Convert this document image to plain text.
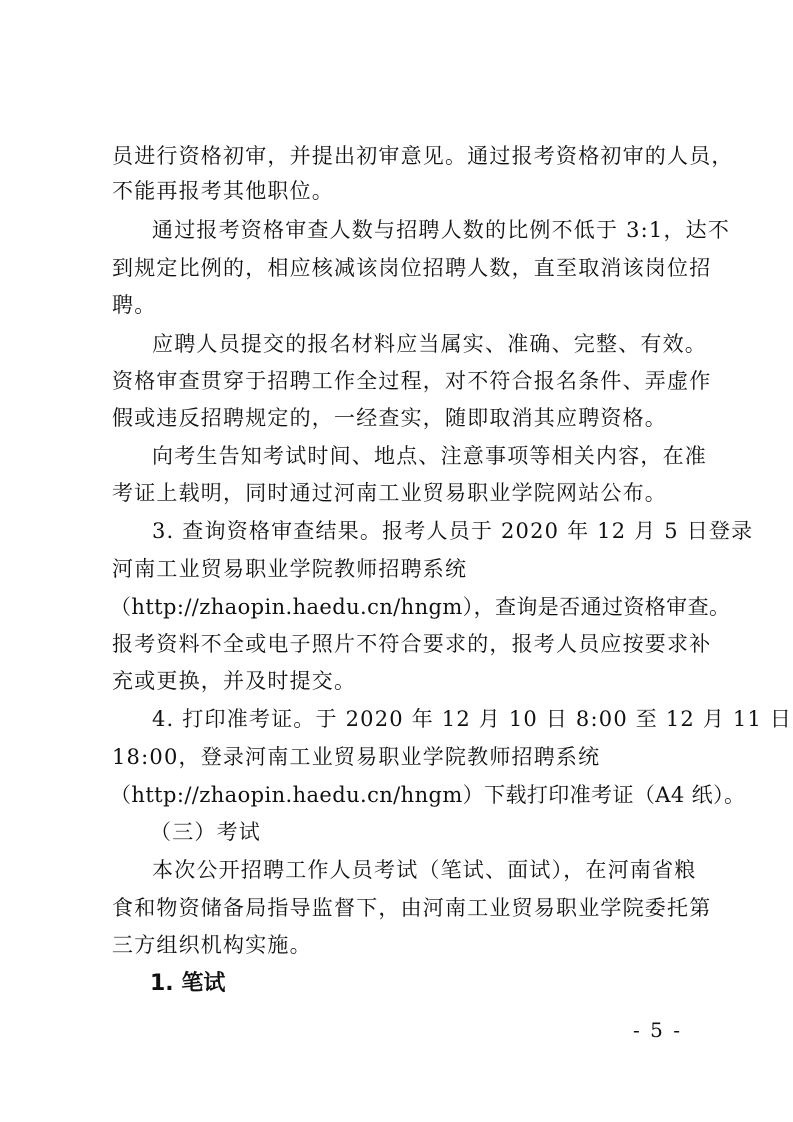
员进行资格初审，并提出初审意见。通过报考资格初审的人员，

不能再报考其他职位。

通过报考资格审查人数与招聘人数的比例不低于 3:1，达不

到规定比例的，相应核减该岗位招聘人数，直至取消该岗位招

聘。

应聘人员提交的报名材料应当属实、准确、完整、有效。

资格审查贯穿于招聘工作全过程，对不符合报名条件、弄虚作

假或违反招聘规定的，一经查实，随即取消其应聘资格。

向考生告知考试时间、地点、注意事项等相关内容，在准

考证上载明，同时通过河南工业贸易职业学院网站公布。

3. 查询资格审查结果。报考人员于 2020 年 12 月 5 日登录

河南工业贸易职业学院教师招聘系统

（http://zhaopin.haedu.cn/hngm），查询是否通过资格审查。

报考资料不全或电子照片不符合要求的，报考人员应按要求补

充或更换，并及时提交。

4. 打印准考证。于 2020 年 12 月 10 日 8:00 至 12 月 11 日

18:00，登录河南工业贸易职业学院教师招聘系统

（http://zhaopin.haedu.cn/hngm）下载打印准考证（A4 纸）。

（三）考试

本次公开招聘工作人员考试（笔试、面试），在河南省粮

食和物资储备局指导监督下，由河南工业贸易职业学院委托第

三方组织机构实施。

1. 笔试

- 5 -
